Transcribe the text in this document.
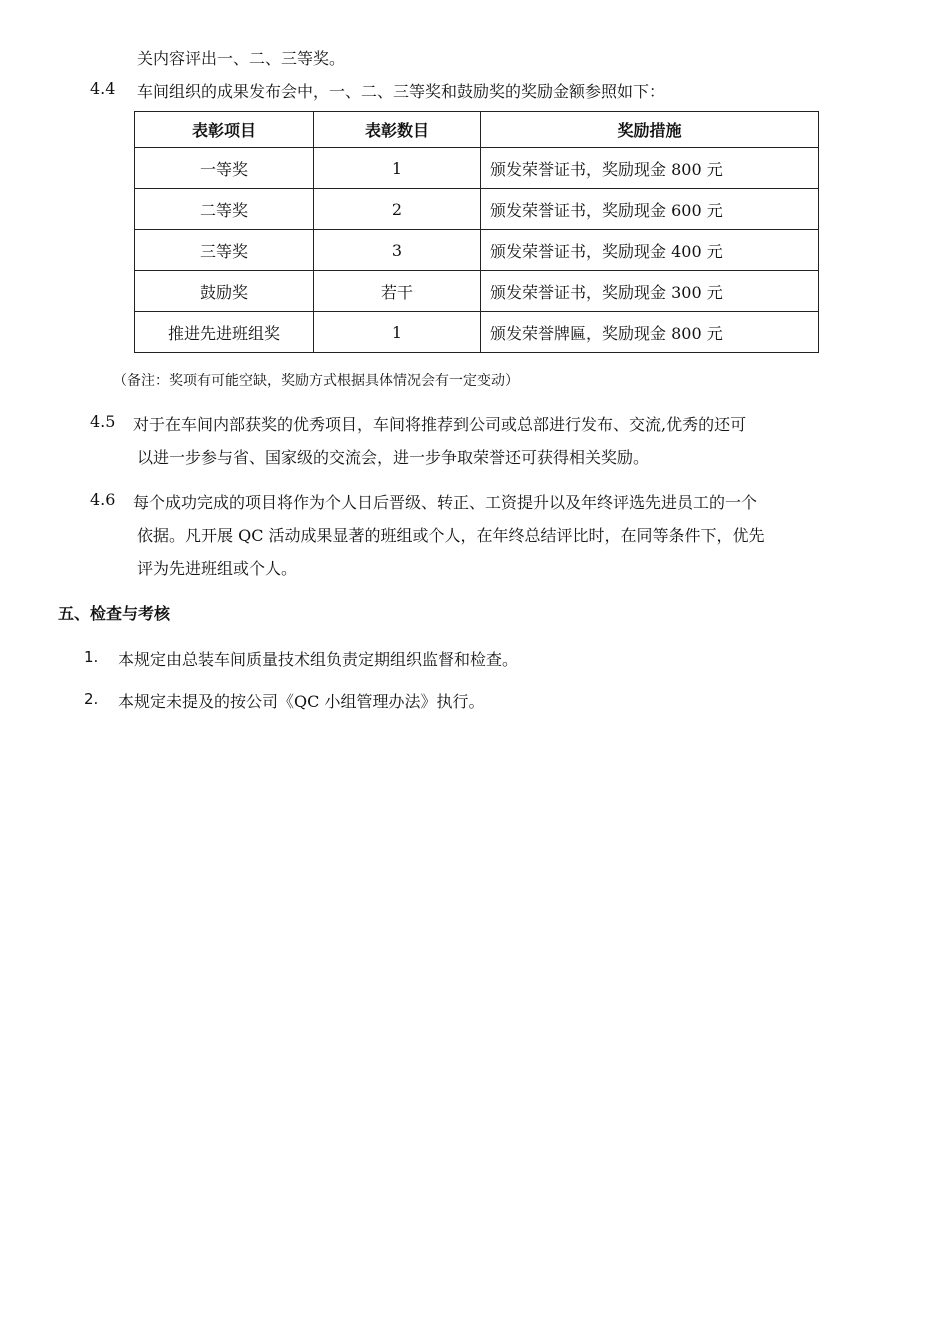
关内容评出一、二、三等奖。
4.4 车间组织的成果发布会中，一、二、三等奖和鼓励奖的奖励金额参照如下：
表彰项目	表彰数目	奖励措施
一等奖	1	颁发荣誉证书，奖励现金 800 元
二等奖	2	颁发荣誉证书，奖励现金 600 元
三等奖	3	颁发荣誉证书，奖励现金 400 元
鼓励奖	若干	颁发荣誉证书，奖励现金 300 元
推进先进班组奖	1	颁发荣誉牌匾，奖励现金 800 元
（备注：奖项有可能空缺，奖励方式根据具体情况会有一定变动）
4.5 对于在车间内部获奖的优秀项目，车间将推荐到公司或总部进行发布、交流,优秀的还可
以进一步参与省、国家级的交流会，进一步争取荣誉还可获得相关奖励。
4.6 每个成功完成的项目将作为个人日后晋级、转正、工资提升以及年终评选先进员工的一个
依据。凡开展 QC 活动成果显著的班组或个人，在年终总结评比时，在同等条件下，优先
评为先进班组或个人。
五、检查与考核
1. 本规定由总装车间质量技术组负责定期组织监督和检查。
2. 本规定未提及的按公司《QC 小组管理办法》执行。
